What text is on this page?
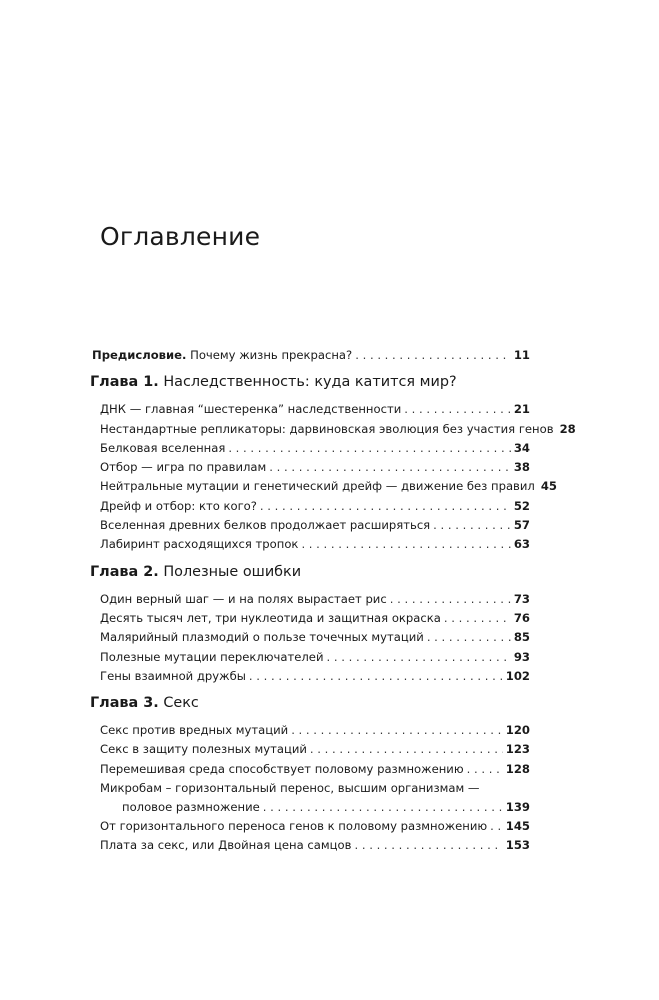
Оглавление
Предисловие. Почему жизнь прекрасна? . . .	11
Глава 1. Наследственность: куда катится мир?
ДНК — главная “шестеренка” наследственности . . .	21
Нестандартные репликаторы: дарвиновская эволюция без участия генов 28
Белковая вселенная . . .	34
Отбор — игра по правилам . . .	38
Нейтральные мутации и генетический дрейф — движение без правил 45
Дрейф и отбор: кто кого? . . .	52
Вселенная древних белков продолжает расширяться . . .	57
Лабиринт расходящихся тропок . . .	63
Глава 2. Полезные ошибки
Один верный шаг — и на полях вырастает рис . . .	73
Десять тысяч лет, три нуклеотида и защитная окраска . . .	76
Малярийный плазмодий о пользе точечных мутаций . . .	85
Полезные мутации переключателей . . .	93
Гены взаимной дружбы . . .	102
Глава 3. Секс
Секс против вредных мутаций . . .	120
Секс в защиту полезных мутаций . . .	123
Перемешивая среда способствует половому размножению . . .	128
Микробам – горизонтальный перенос, высшим организмам —
половое размножение . . .	139
От горизонтального переноса генов к половому размножению . . . 145
Плата за секс, или Двойная цена самцов . . .	153
